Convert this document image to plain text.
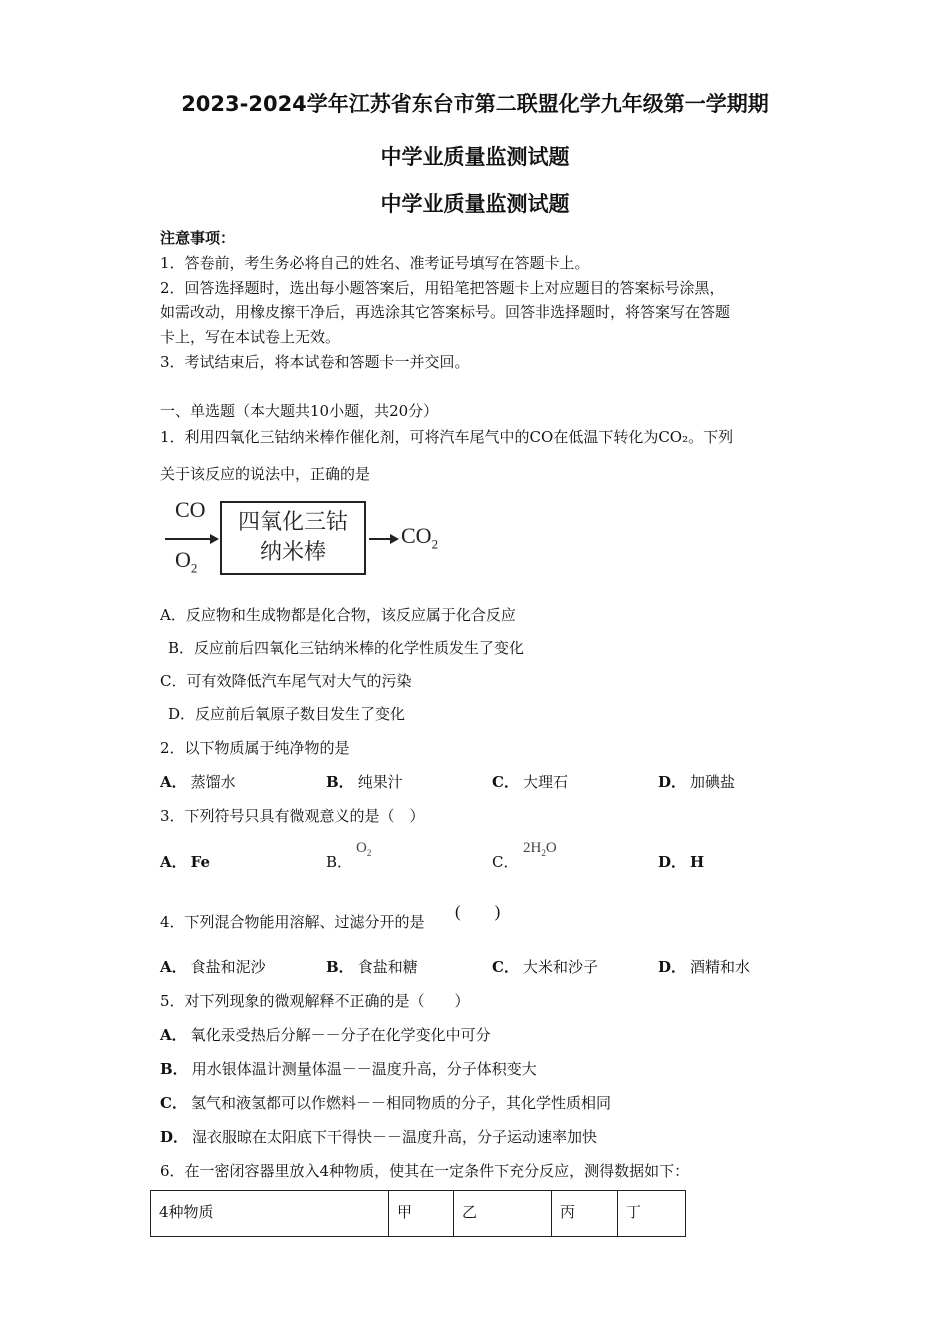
2023-2024学年江苏省东台市第二联盟化学九年级第一学期期
中学业质量监测试题
中学业质量监测试题
注意事项：
1．答卷前，考生务必将自己的姓名、准考证号填写在答题卡上。
2．回答选择题时，选出每小题答案后，用铅笔把答题卡上对应题目的答案标号涂黑，
如需改动，用橡皮擦干净后，再选涂其它答案标号。回答非选择题时，将答案写在答题
卡上，写在本试卷上无效。
3．考试结束后，将本试卷和答题卡一并交回。
一、单选题（本大题共10小题，共20分）
1．利用四氧化三钴纳米棒作催化剂，可将汽车尾气中的CO在低温下转化为CO₂。下列
关于该反应的说法中，正确的是
CO
$O_2$
四氧化三钴
纳米棒
$CO_2$
A．反应物和生成物都是化合物，该反应属于化合反应
B．反应前后四氧化三钴纳米棒的化学性质发生了变化
C．可有效降低汽车尾气对大气的污染
D．反应前后氧原子数目发生了变化
2．以下物质属于纯净物的是
A． 蒸馏水	B． 纯果汁	C． 大理石	D． 加碘盐
3．下列符号只具有微观意义的是（　）
A． Fe	B．
$O_2$	C．
$2H_2O$
D． H
4．下列混合物能用溶解、过滤分开的是
(　　)
A． 食盐和泥沙	B． 食盐和糖	C． 大米和沙子	D． 酒精和水
5．对下列现象的微观解释不正确的是（　　）
A． 氧化汞受热后分解－－分子在化学变化中可分
B． 用水银体温计测量体温－－温度升高，分子体积变大
C． 氢气和液氢都可以作燃料－－相同物质的分子，其化学性质相同
D． 湿衣服晾在太阳底下干得快－－温度升高，分子运动速率加快
6．在一密闭容器里放入4种物质，使其在一定条件下充分反应，测得数据如下：
4种物质	甲	乙	丙	丁
